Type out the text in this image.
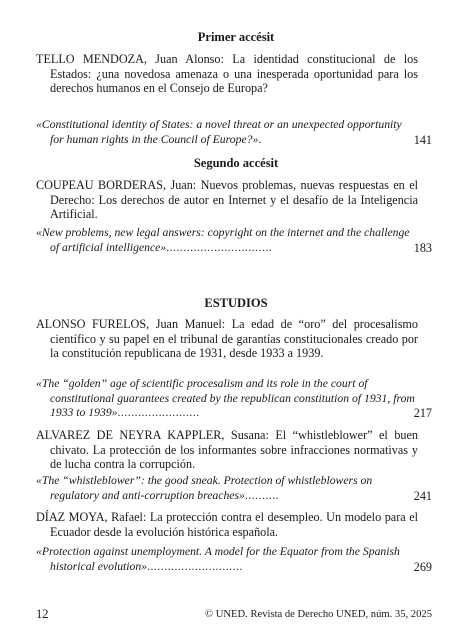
Primer accésit
TELLO MENDOZA, Juan Alonso: La identidad constitucional de los Estados: ¿una novedosa amenaza o una inesperada oportunidad para los derechos humanos en el Consejo de Europa?
«Constitutional identity of States: a novel threat or an unexpected opportunity for human rights in the Council of Europe?».	141
Segundo accésit
COUPEAU BORDERAS, Juan: Nuevos problemas, nuevas respuestas en el Derecho: Los derechos de autor en Internet y el desafío de la Inteligencia Artificial.
«New problems, new legal answers: copyright on the internet and the challenge of artificial intelligence»...............................	183
ESTUDIOS
ALONSO FURELOS, Juan Manuel: La edad de “oro” del procesalismo científico y su papel en el tribunal de garantías constitucionales creado por la constitución republicana de 1931, desde 1933 a 1939.
«The “golden” age of scientific procesalism and its role in the court of constitutional guarantees created by the republican constitution of 1931, from 1933 to 1939»........................	217
ALVAREZ DE NEYRA KAPPLER, Susana: El “whistleblower” el buen chivato. La protección de los informantes sobre infracciones normativas y de lucha contra la corrupción.
«The “whistleblower”: the good sneak. Protection of whistleblowers on regulatory and anti-corruption breaches»..........	241
DÍAZ MOYA, Rafael: La protección contra el desempleo. Un modelo para el Ecuador desde la evolución histórica española.
«Protection against unemployment. A model for the Equator from the Spanish historical evolution»............................	269
12	© UNED. Revista de Derecho UNED, núm. 35, 2025
